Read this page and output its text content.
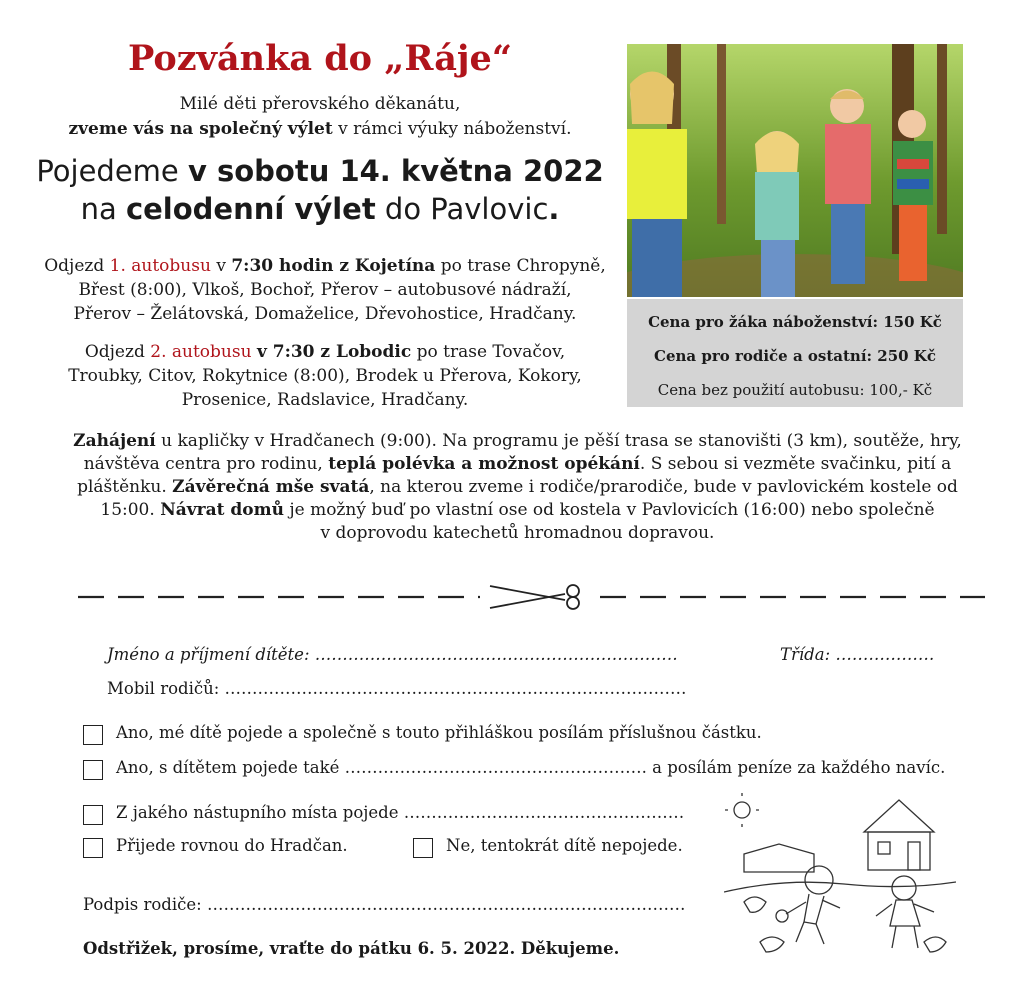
Pozvánka do „Ráje“
Milé děti přerovského děkanátu,
zveme vás na společný výlet v rámci výuky náboženství.
Pojedeme v sobotu 14. května 2022
na celodenní výlet do Pavlovic.
Odjezd 1. autobusu v 7:30 hodin z Kojetína po trase Chropyně,
Břest (8:00), Vlkoš, Bochoř, Přerov – autobusové nádraží,
Přerov – Želátovská, Domaželice, Dřevohostice, Hradčany.
Odjezd 2. autobusu v 7:30 z Lobodic po trase Tovačov,
Troubky, Citov, Rokytnice (8:00), Brodek u Přerova, Kokory,
Prosenice, Radslavice, Hradčany.
Cena pro žáka náboženství: 150 Kč
Cena pro rodiče a ostatní: 250 Kč
Cena bez použití autobusu: 100,- Kč
Zahájení u kapličky v Hradčanech (9:00). Na programu je pěší trasa se stanovišti (3 km), soutěže, hry,
návštěva centra pro rodinu, teplá polévka a možnost opékání. S sebou si vezměte svačinku, pití a
pláštěnku. Závěrečná mše svatá, na kterou zveme i rodiče/prarodiče, bude v pavlovickém kostele od
15:00. Návrat domů je možný buď po vlastní ose od kostela v Pavlovicích (16:00) nebo společně
v doprovodu katechetů hromadnou dopravou.
Jméno a příjmení dítěte: …………………………………………………………	Třída: ………………
Mobil rodičů: …………………………………………………………………………
Ano, mé dítě pojede a společně s touto přihláškou posílám příslušnou částku.
Ano, s dítětem pojede také ………………………………………………. a posílám peníze za každého navíc.
Z jakého nástupního místa pojede ……………………………………………
Přijede rovnou do Hradčan.	Ne, tentokrát dítě nepojede.
Podpis rodiče: ……………………………………………………………………………
Odstřižek, prosíme, vraťte do pátku 6. 5. 2022. Děkujeme.
